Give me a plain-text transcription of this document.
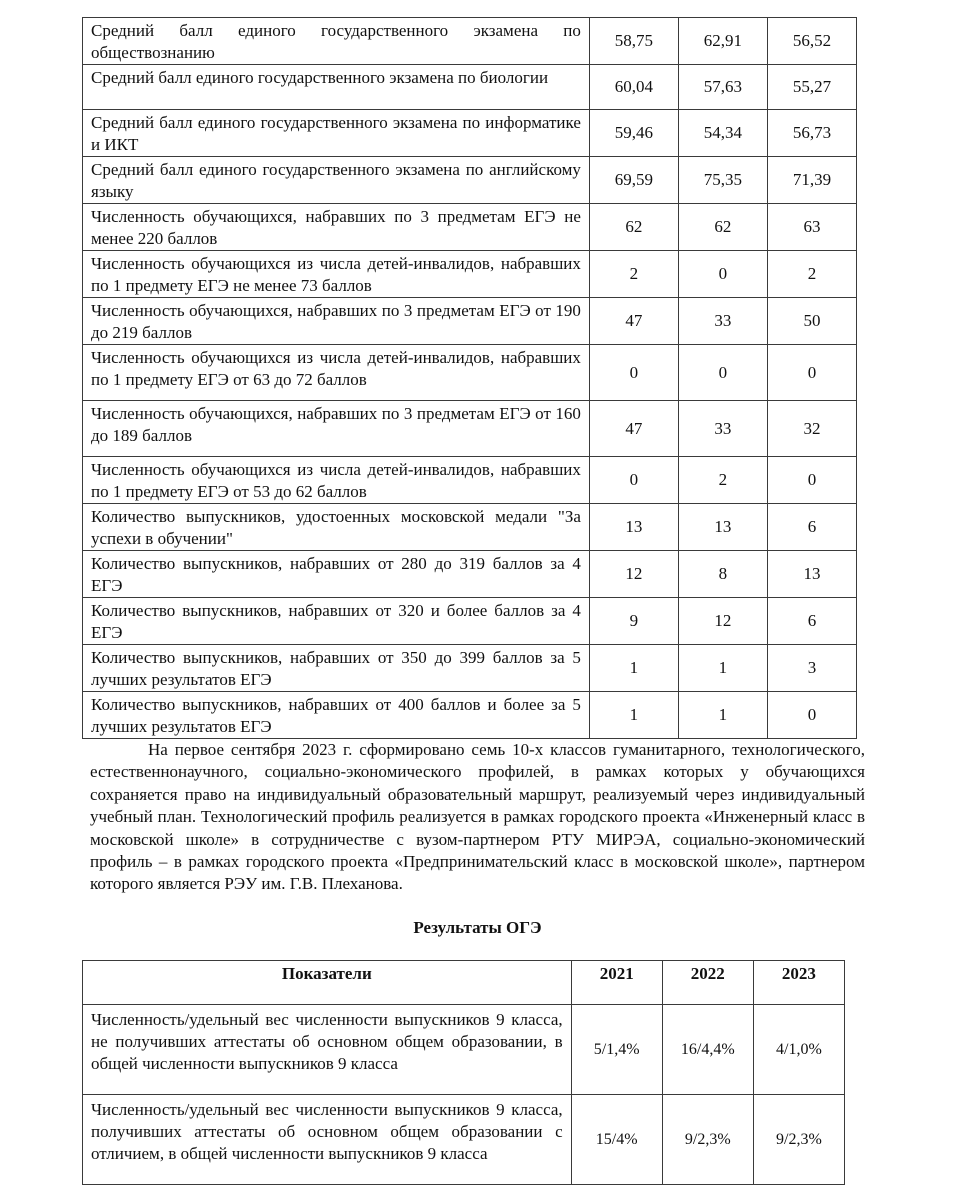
Средний балл единого государственного экзамена по обществознанию	58,75	62,91	56,52
Средний балл единого государственного экзамена по биологии	60,04	57,63	55,27
Средний балл единого государственного экзамена по информатике и ИКТ	59,46	54,34	56,73
Средний балл единого государственного экзамена по английскому языку	69,59	75,35	71,39
Численность обучающихся, набравших по 3 предметам ЕГЭ не менее 220 баллов	62	62	63
Численность обучающихся из числа детей-инвалидов, набравших по 1 предмету ЕГЭ не менее 73 баллов	2	0	2
Численность обучающихся, набравших по 3 предметам ЕГЭ от 190 до 219 баллов	47	33	50
Численность обучающихся из числа детей-инвалидов, набравших по 1 предмету ЕГЭ от 63 до 72 баллов	0	0	0
Численность обучающихся, набравших по 3 предметам ЕГЭ от 160 до 189 баллов	47	33	32
Численность обучающихся из числа детей-инвалидов, набравших по 1 предмету ЕГЭ от 53 до 62 баллов	0	2	0
Количество выпускников, удостоенных московской медали "За успехи в обучении"	13	13	6
Количество выпускников, набравших от 280 до 319 баллов за 4 ЕГЭ	12	8	13
Количество выпускников, набравших от 320 и более баллов за 4 ЕГЭ	9	12	6
Количество выпускников, набравших от 350 до 399 баллов за 5 лучших результатов ЕГЭ	1	1	3
Количество выпускников, набравших от 400 баллов и более за 5 лучших результатов ЕГЭ	1	1	0

На первое сентября 2023 г. сформировано семь 10-х классов гуманитарного, технологического, естественнонаучного, социально-экономического профилей, в рамках которых у обучающихся сохраняется право на индивидуальный образовательный маршрут, реализуемый через индивидуальный учебный план. Технологический профиль реализуется в рамках городского проекта «Инженерный класс в московской школе» в сотрудничестве с вузом-партнером РТУ МИРЭА, социально-экономический профиль – в рамках городского проекта «Предпринимательский класс в московской школе», партнером которого является РЭУ им. Г.В. Плеханова.

Результаты ОГЭ
Показатели	2021	2022	2023
Численность/удельный вес численности выпускников 9 класса, не получивших аттестаты об основном общем образовании, в общей численности выпускников 9 класса	5/1,4%	16/4,4%	4/1,0%
Численность/удельный вес численности выпускников 9 класса, получивших аттестаты об основном общем образовании с отличием, в общей численности выпускников 9 класса	15/4%	9/2,3%	9/2,3%
